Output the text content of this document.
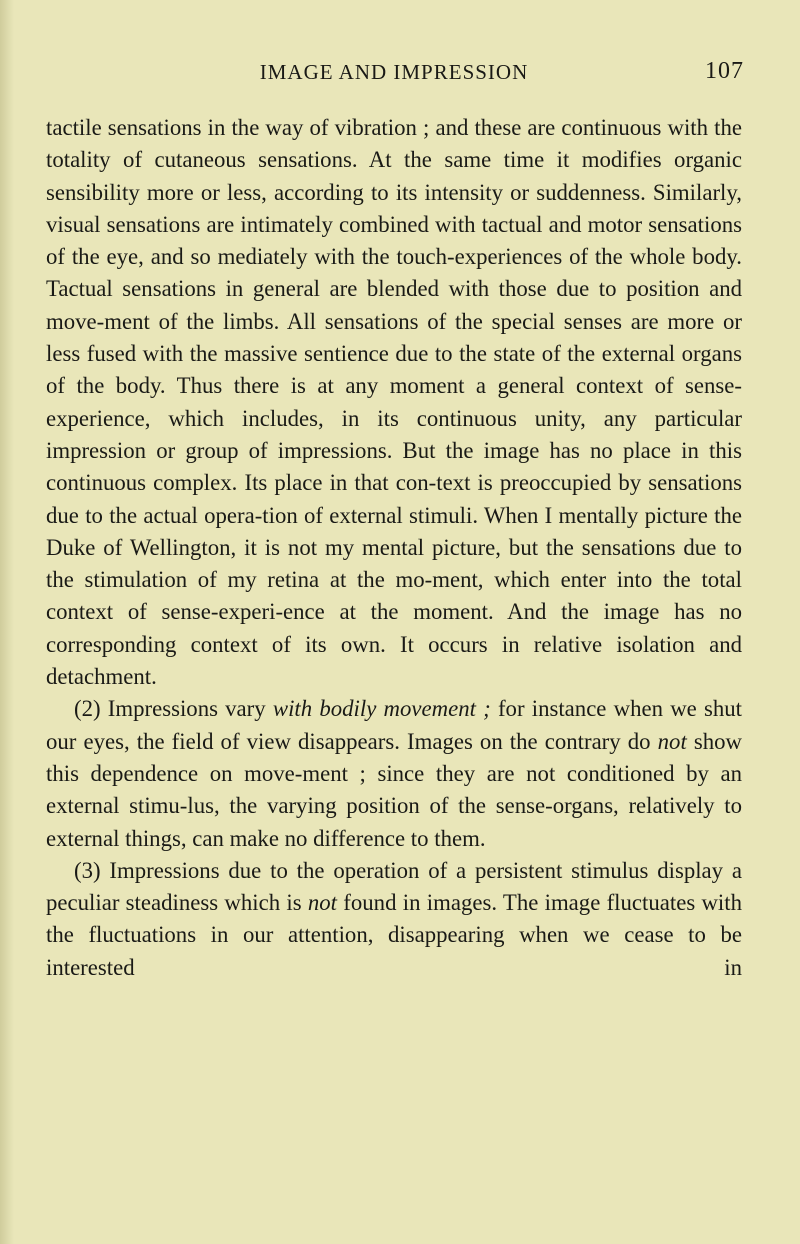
IMAGE AND IMPRESSION	107

tactile sensations in the way of vibration ; and these are continuous with the totality of cutaneous sensations. At the same time it modifies organic sensibility more or less, according to its intensity or suddenness. Similarly, visual sensations are intimately combined with tactual and motor sensations of the eye, and so mediately with the touch-experiences of the whole body. Tactual sensations in general are blended with those due to position and move-ment of the limbs. All sensations of the special senses are more or less fused with the massive sentience due to the state of the external organs of the body. Thus there is at any moment a general context of sense-experience, which includes, in its continuous unity, any particular impression or group of impressions. But the image has no place in this continuous complex. Its place in that con-text is preoccupied by sensations due to the actual opera-tion of external stimuli. When I mentally picture the Duke of Wellington, it is not my mental picture, but the sensations due to the stimulation of my retina at the mo-ment, which enter into the total context of sense-experi-ence at the moment. And the image has no corresponding context of its own. It occurs in relative isolation and detachment.

(2) Impressions vary with bodily movement ; for instance when we shut our eyes, the field of view disappears. Images on the contrary do not show this dependence on move-ment ; since they are not conditioned by an external stimu-lus, the varying position of the sense-organs, relatively to external things, can make no difference to them.

(3) Impressions due to the operation of a persistent stimulus display a peculiar steadiness which is not found in images. The image fluctuates with the fluctuations in our attention, disappearing when we cease to be interested in
